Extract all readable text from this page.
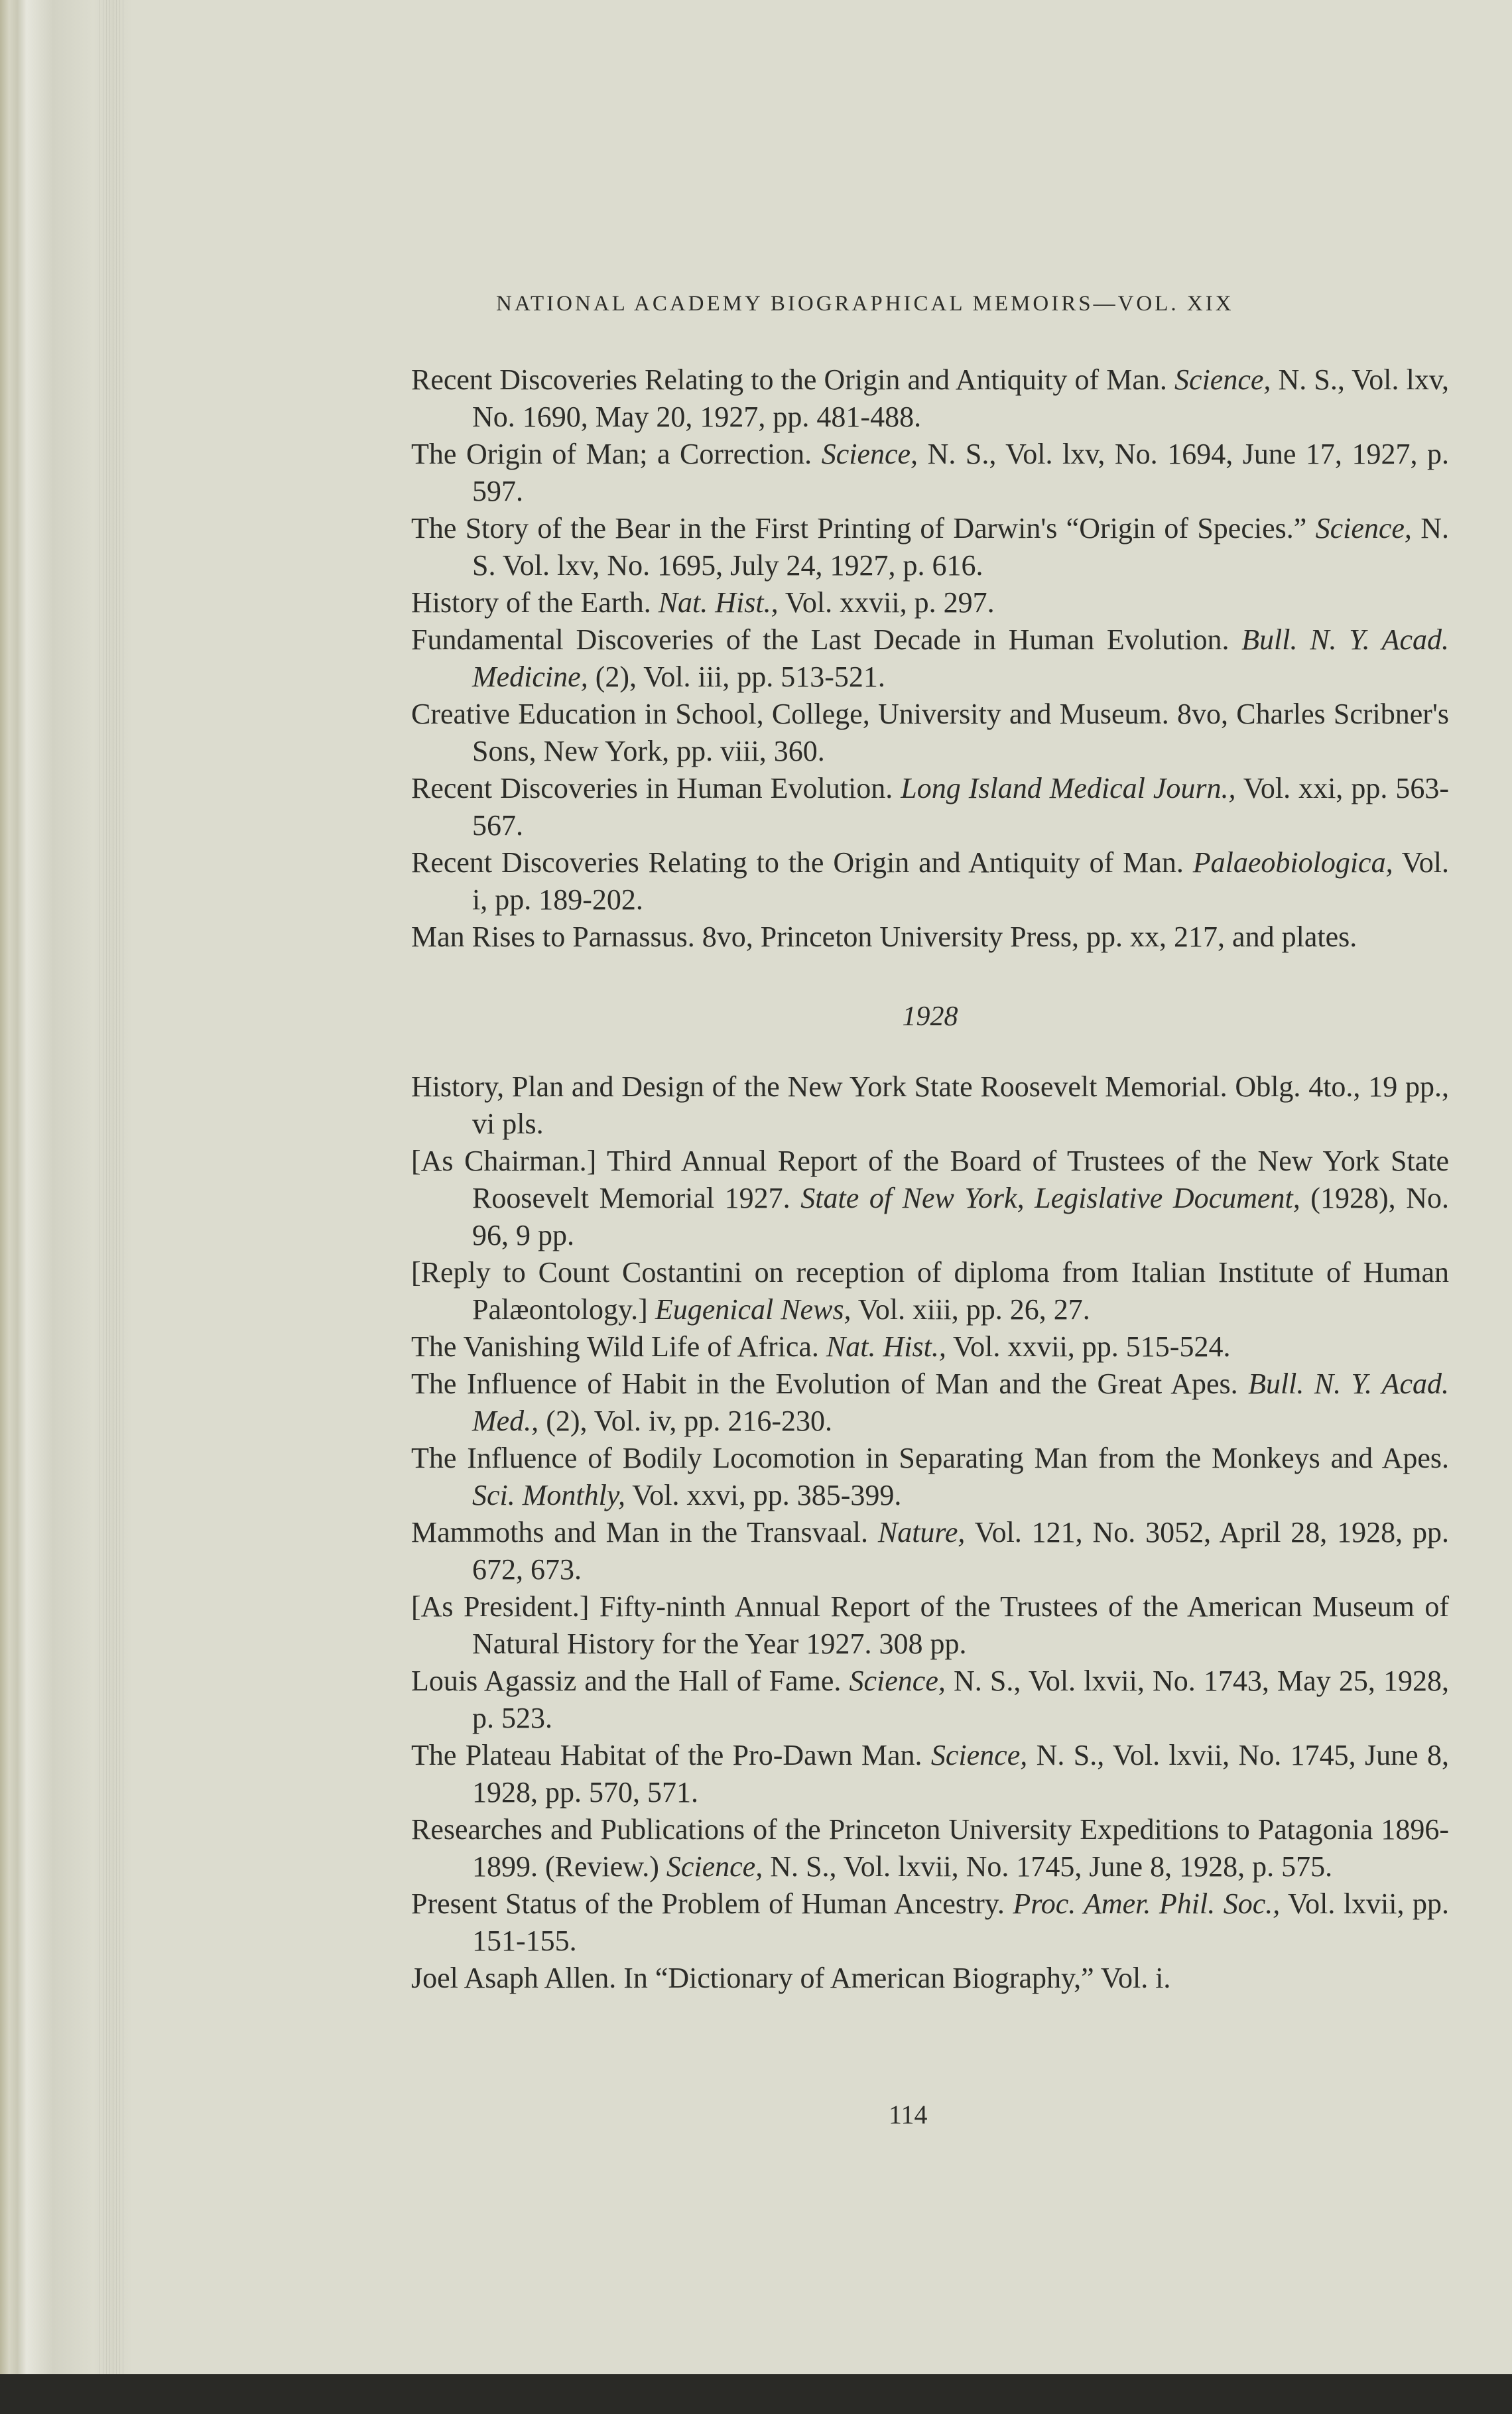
NATIONAL ACADEMY BIOGRAPHICAL MEMOIRS—VOL. XIX

Recent Discoveries Relating to the Origin and Antiquity of Man. Science, N. S., Vol. lxv, No. 1690, May 20, 1927, pp. 481-488.

The Origin of Man; a Correction. Science, N. S., Vol. lxv, No. 1694, June 17, 1927, p. 597.

The Story of the Bear in the First Printing of Darwin's “Origin of Species.” Science, N. S. Vol. lxv, No. 1695, July 24, 1927, p. 616.

History of the Earth. Nat. Hist., Vol. xxvii, p. 297.

Fundamental Discoveries of the Last Decade in Human Evolution. Bull. N. Y. Acad. Medicine, (2), Vol. iii, pp. 513-521.

Creative Education in School, College, University and Museum. 8vo, Charles Scribner's Sons, New York, pp. viii, 360.

Recent Discoveries in Human Evolution. Long Island Medical Journ., Vol. xxi, pp. 563-567.

Recent Discoveries Relating to the Origin and Antiquity of Man. Palaeobiologica, Vol. i, pp. 189-202.

Man Rises to Parnassus. 8vo, Princeton University Press, pp. xx, 217, and plates.

1928

History, Plan and Design of the New York State Roosevelt Memorial. Oblg. 4to., 19 pp., vi pls.

[As Chairman.] Third Annual Report of the Board of Trustees of the New York State Roosevelt Memorial 1927. State of New York, Legislative Document, (1928), No. 96, 9 pp.

[Reply to Count Costantini on reception of diploma from Italian Institute of Human Palæontology.] Eugenical News, Vol. xiii, pp. 26, 27.

The Vanishing Wild Life of Africa. Nat. Hist., Vol. xxvii, pp. 515-524.

The Influence of Habit in the Evolution of Man and the Great Apes. Bull. N. Y. Acad. Med., (2), Vol. iv, pp. 216-230.

The Influence of Bodily Locomotion in Separating Man from the Monkeys and Apes. Sci. Monthly, Vol. xxvi, pp. 385-399.

Mammoths and Man in the Transvaal. Nature, Vol. 121, No. 3052, April 28, 1928, pp. 672, 673.

[As President.] Fifty-ninth Annual Report of the Trustees of the American Museum of Natural History for the Year 1927. 308 pp.

Louis Agassiz and the Hall of Fame. Science, N. S., Vol. lxvii, No. 1743, May 25, 1928, p. 523.

The Plateau Habitat of the Pro-Dawn Man. Science, N. S., Vol. lxvii, No. 1745, June 8, 1928, pp. 570, 571.

Researches and Publications of the Princeton University Expeditions to Patagonia 1896-1899. (Review.) Science, N. S., Vol. lxvii, No. 1745, June 8, 1928, p. 575.

Present Status of the Problem of Human Ancestry. Proc. Amer. Phil. Soc., Vol. lxvii, pp. 151-155.

Joel Asaph Allen. In “Dictionary of American Biography,” Vol. i.

114
